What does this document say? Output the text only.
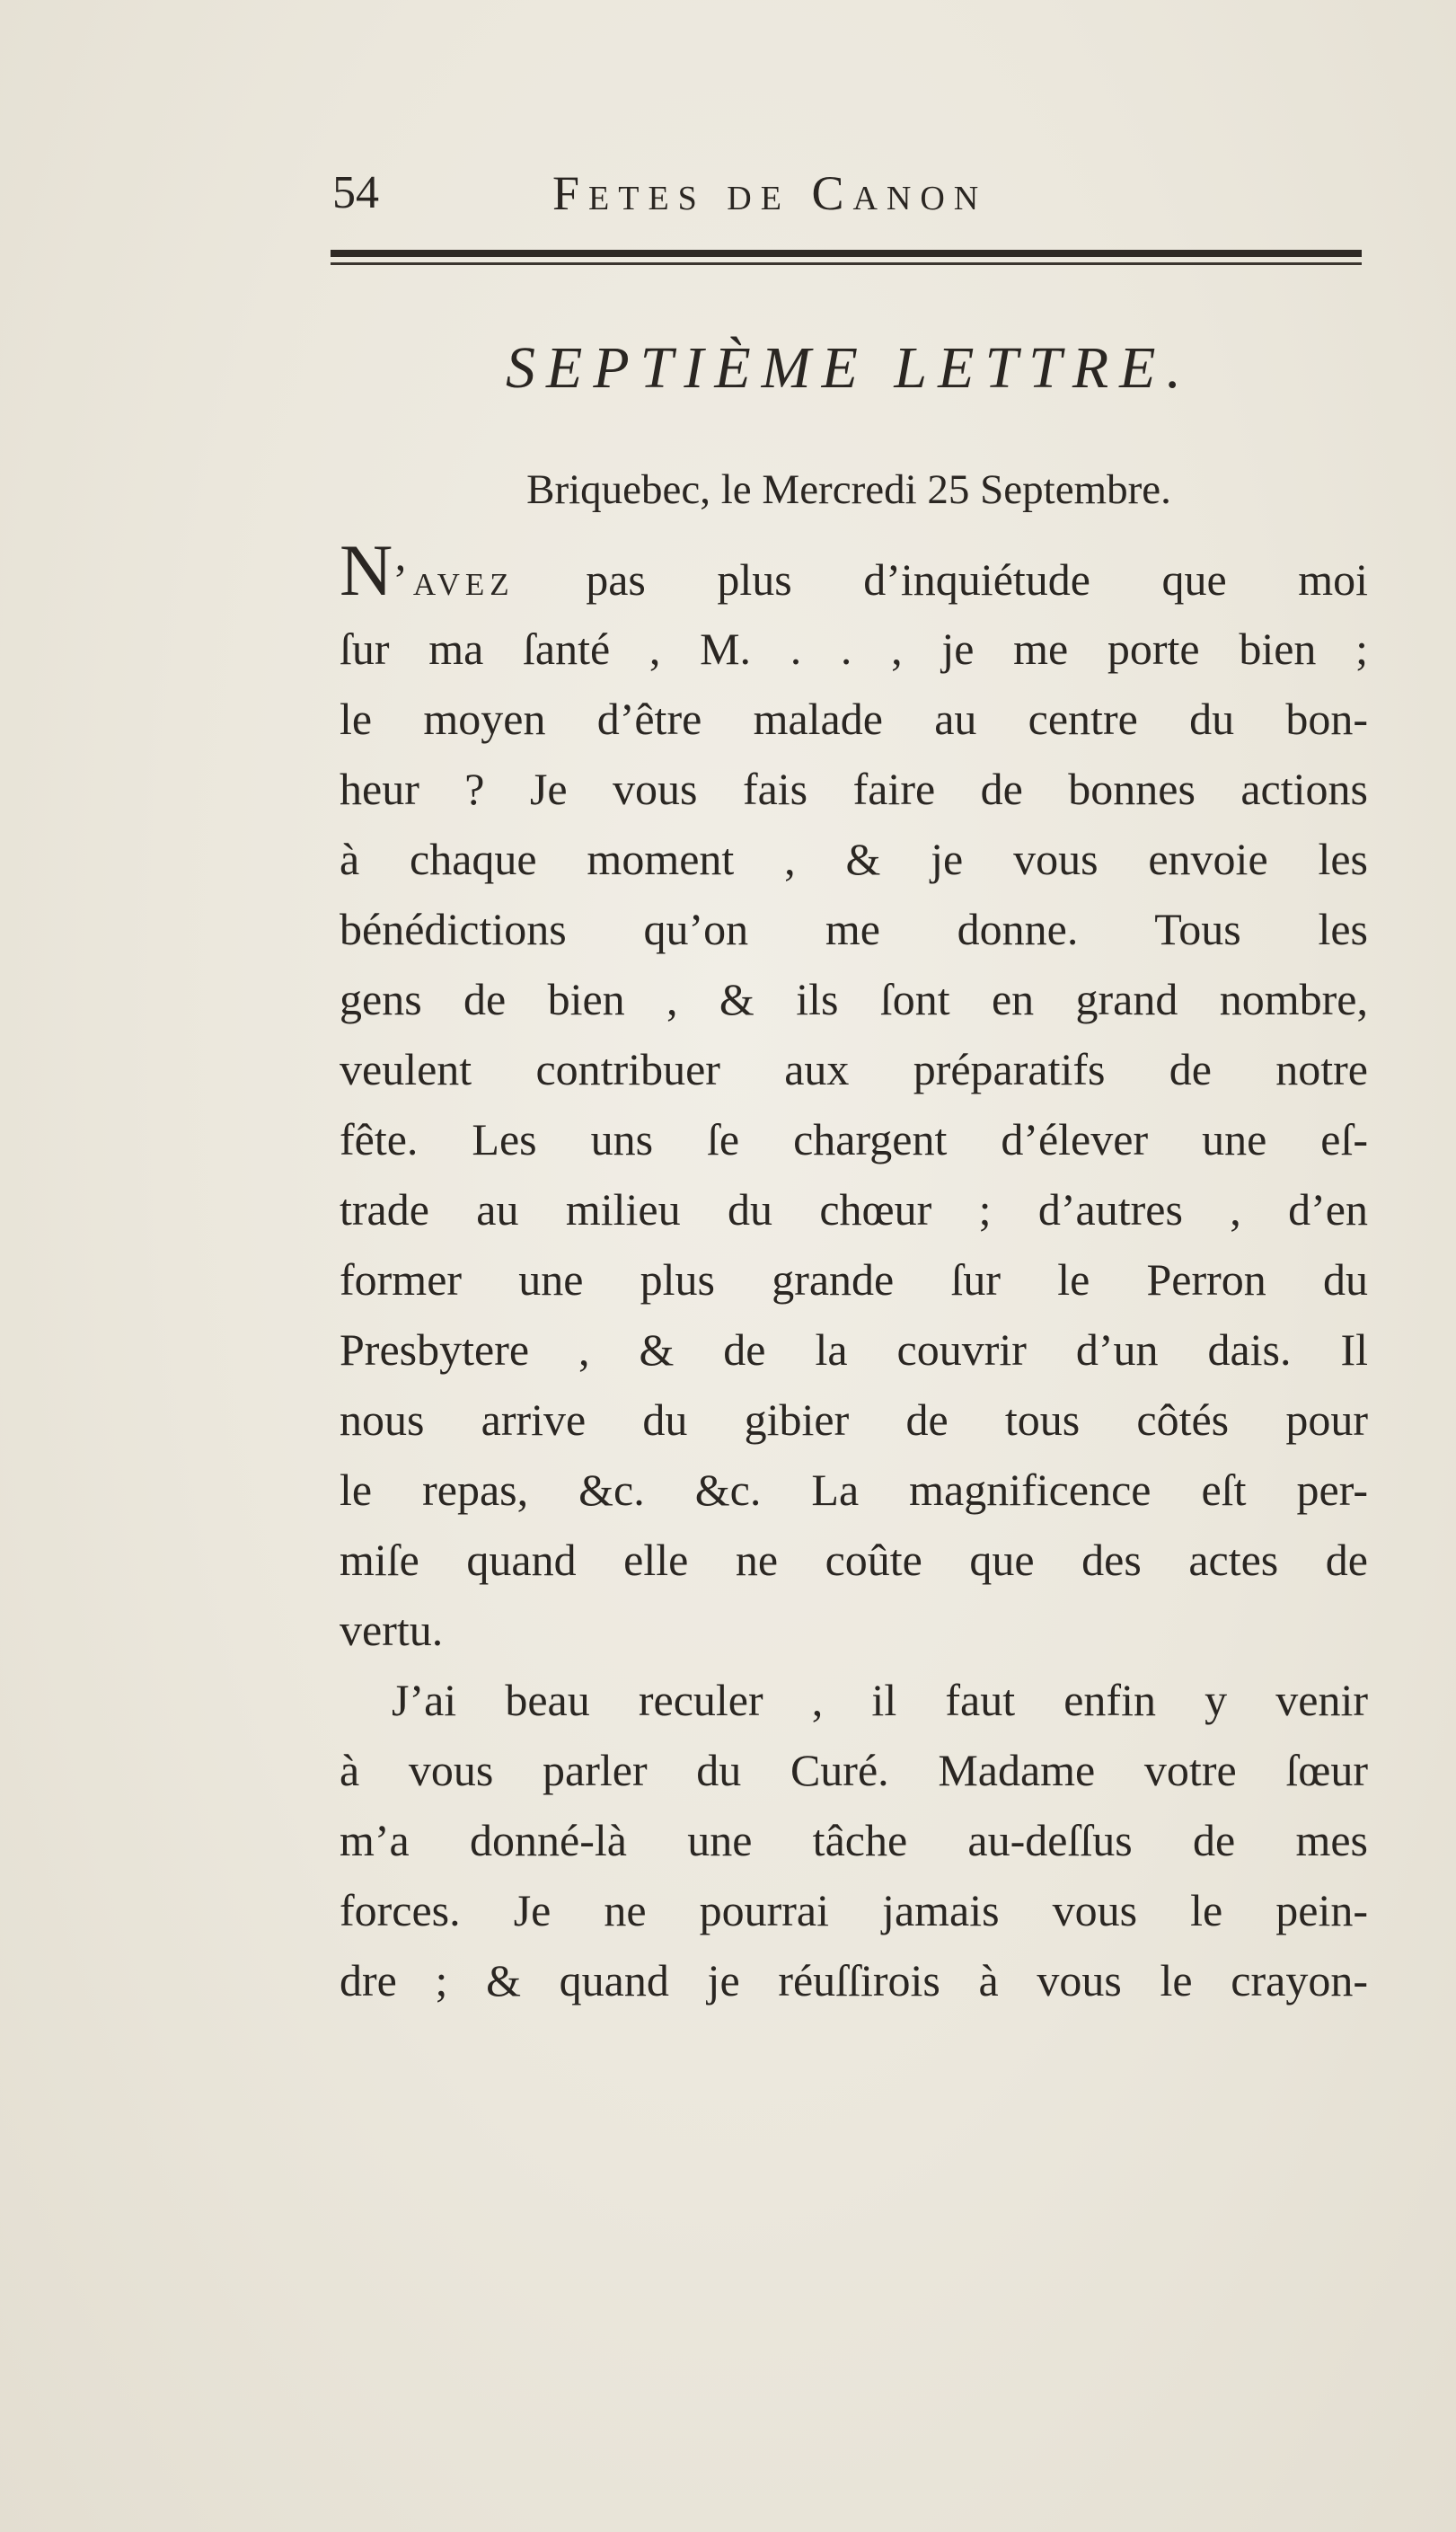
54	Fetes de Canon
SEPTIÈME LETTRE.
Briquebec, le Mercredi 25 Septembre.
N’avez pas plus d’inquiétude que moi
ſur ma ſanté , M. . . , je me porte bien ;
le moyen d’être malade au centre du bon-
heur ? Je vous fais faire de bonnes actions
à chaque moment , & je vous envoie les
bénédictions qu’on me donne. Tous les
gens de bien , & ils ſont en grand nombre,
veulent contribuer aux préparatifs de notre
fête. Les uns ſe chargent d’élever une eſ-
trade au milieu du chœur ; d’autres , d’en
former une plus grande ſur le Perron du
Presbytere , & de la couvrir d’un dais. Il
nous arrive du gibier de tous côtés pour
le repas, &c. &c. La magnificence eſt per-
miſe quand elle ne coûte que des actes de
vertu.
J’ai beau reculer , il faut enfin y venir
à vous parler du Curé. Madame votre ſœur
m’a donné-là une tâche au-deſſus de mes
forces. Je ne pourrai jamais vous le pein-
dre ; & quand je réuſſirois à vous le crayon-
